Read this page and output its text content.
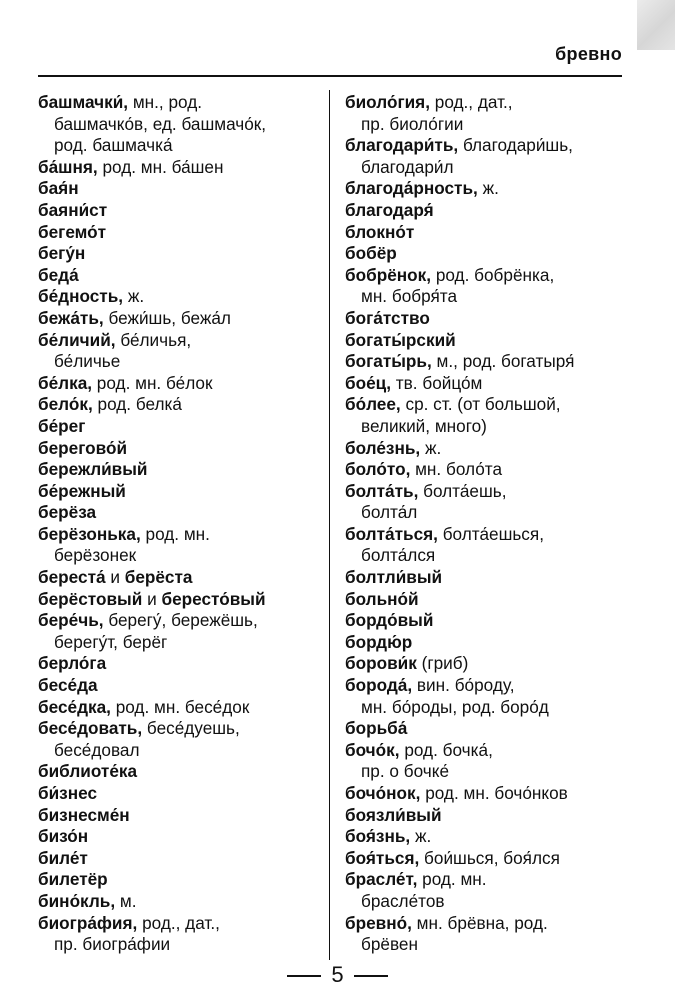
бревно
башмачки́, мн., род.
башмачко́в, ед. башмачо́к,
род. башмачка́
ба́шня, род. мн. ба́шен
бая́н
баяни́ст
бегемо́т
бегу́н
беда́
бе́дность, ж.
бежа́ть, бежи́шь, бежа́л
бе́личий, бе́личья,
бе́личье
бе́лка, род. мн. бе́лок
бело́к, род. белка́
бе́рег
берегово́й
бережли́вый
бе́режный
берёза
берёзонька, род. мн.
берёзонек
береста́ и берёста
берёстовый и бересто́вый
бере́чь, берегу́, бережёшь,
берегу́т, берёг
берло́га
бесе́да
бесе́дка, род. мн. бесе́док
бесе́довать, бесе́дуешь,
бесе́довал
библиоте́ка
би́знес
бизнесме́н
бизо́н
биле́т
билетёр
бино́кль, м.
биогра́фия, род., дат.,
пр. биогра́фии
биоло́гия, род., дат.,
пр. биоло́гии
благодари́ть, благодари́шь,
благодари́л
благода́рность, ж.
благодаря́
блокно́т
бобёр
бобрёнок, род. бобрёнка,
мн. бобря́та
бога́тство
богаты́рский
богаты́рь, м., род. богатыря́
бое́ц, тв. бойцо́м
бо́лее, ср. ст. (от большой,
великий, много)
боле́знь, ж.
боло́то, мн. боло́та
болта́ть, болта́ешь,
болта́л
болта́ться, болта́ешься,
болта́лся
болтли́вый
больно́й
бордо́вый
бордю́р
борови́к (гриб)
борода́, вин. бо́роду,
мн. бо́роды, род. боро́д
борьба́
бочо́к, род. бочка́,
пр. о бочке́
бочо́нок, род. мн. бочо́нков
боязли́вый
боя́знь, ж.
боя́ться, бои́шься, боя́лся
брасле́т, род. мн.
брасле́тов
бревно́, мн. брёвна, род.
брёвен
5
